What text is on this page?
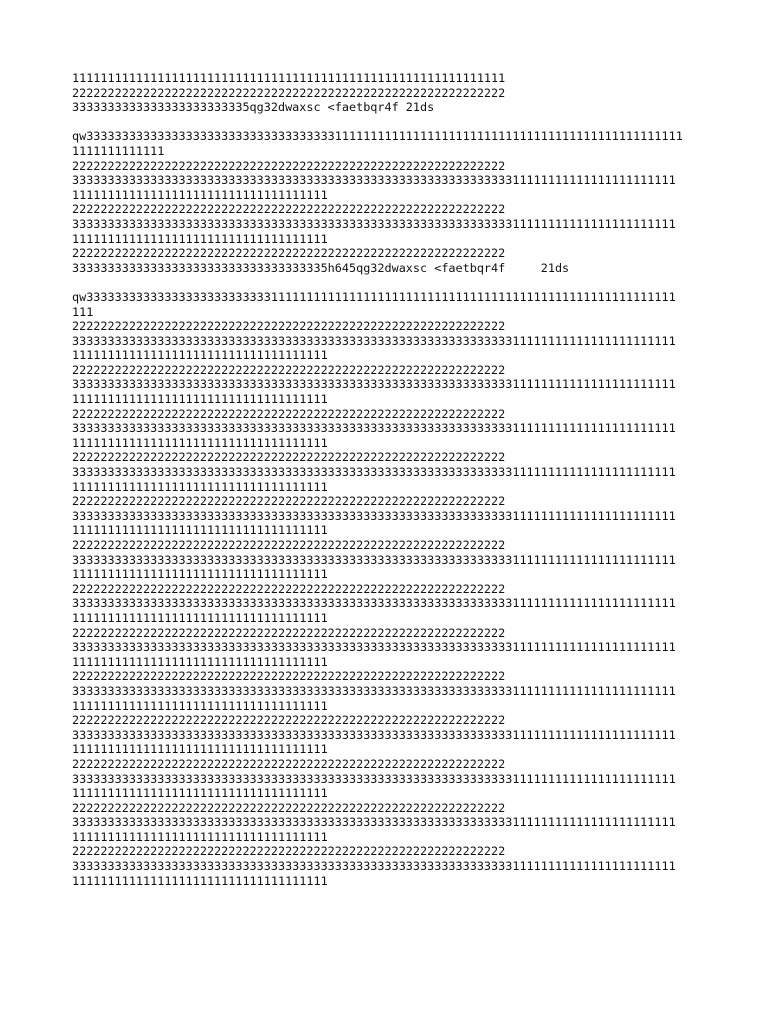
1111111111111111111111111111111111111111111111111111111111111
2222222222222222222222222222222222222222222222222222222222222
3333333333333333333333335qg32dwaxsc <faetbqr4f 21ds
qw333333333333333333333333333333333331111111111111111111111111111111111111111111111111
1111111111111
2222222222222222222222222222222222222222222222222222222222222
3333333333333333333333333333333333333333333333333333333333333311111111111111111111111
111111111111111111111111111111111111
2222222222222222222222222222222222222222222222222222222222222
3333333333333333333333333333333333333333333333333333333333333311111111111111111111111
111111111111111111111111111111111111
2222222222222222222222222222222222222222222222222222222222222
333333333333333333333333333333333335h645qg32dwaxsc <faetbqr4f     21ds
qw33333333333333333333333333111111111111111111111111111111111111111111111111111111111
111
2222222222222222222222222222222222222222222222222222222222222
3333333333333333333333333333333333333333333333333333333333333311111111111111111111111
111111111111111111111111111111111111
2222222222222222222222222222222222222222222222222222222222222
3333333333333333333333333333333333333333333333333333333333333311111111111111111111111
111111111111111111111111111111111111
2222222222222222222222222222222222222222222222222222222222222
3333333333333333333333333333333333333333333333333333333333333311111111111111111111111
111111111111111111111111111111111111
2222222222222222222222222222222222222222222222222222222222222
3333333333333333333333333333333333333333333333333333333333333311111111111111111111111
111111111111111111111111111111111111
2222222222222222222222222222222222222222222222222222222222222
3333333333333333333333333333333333333333333333333333333333333311111111111111111111111
111111111111111111111111111111111111
2222222222222222222222222222222222222222222222222222222222222
3333333333333333333333333333333333333333333333333333333333333311111111111111111111111
111111111111111111111111111111111111
2222222222222222222222222222222222222222222222222222222222222
3333333333333333333333333333333333333333333333333333333333333311111111111111111111111
111111111111111111111111111111111111
2222222222222222222222222222222222222222222222222222222222222
3333333333333333333333333333333333333333333333333333333333333311111111111111111111111
111111111111111111111111111111111111
2222222222222222222222222222222222222222222222222222222222222
3333333333333333333333333333333333333333333333333333333333333311111111111111111111111
111111111111111111111111111111111111
2222222222222222222222222222222222222222222222222222222222222
3333333333333333333333333333333333333333333333333333333333333311111111111111111111111
111111111111111111111111111111111111
2222222222222222222222222222222222222222222222222222222222222
3333333333333333333333333333333333333333333333333333333333333311111111111111111111111
111111111111111111111111111111111111
2222222222222222222222222222222222222222222222222222222222222
3333333333333333333333333333333333333333333333333333333333333311111111111111111111111
111111111111111111111111111111111111
2222222222222222222222222222222222222222222222222222222222222
3333333333333333333333333333333333333333333333333333333333333311111111111111111111111
111111111111111111111111111111111111
